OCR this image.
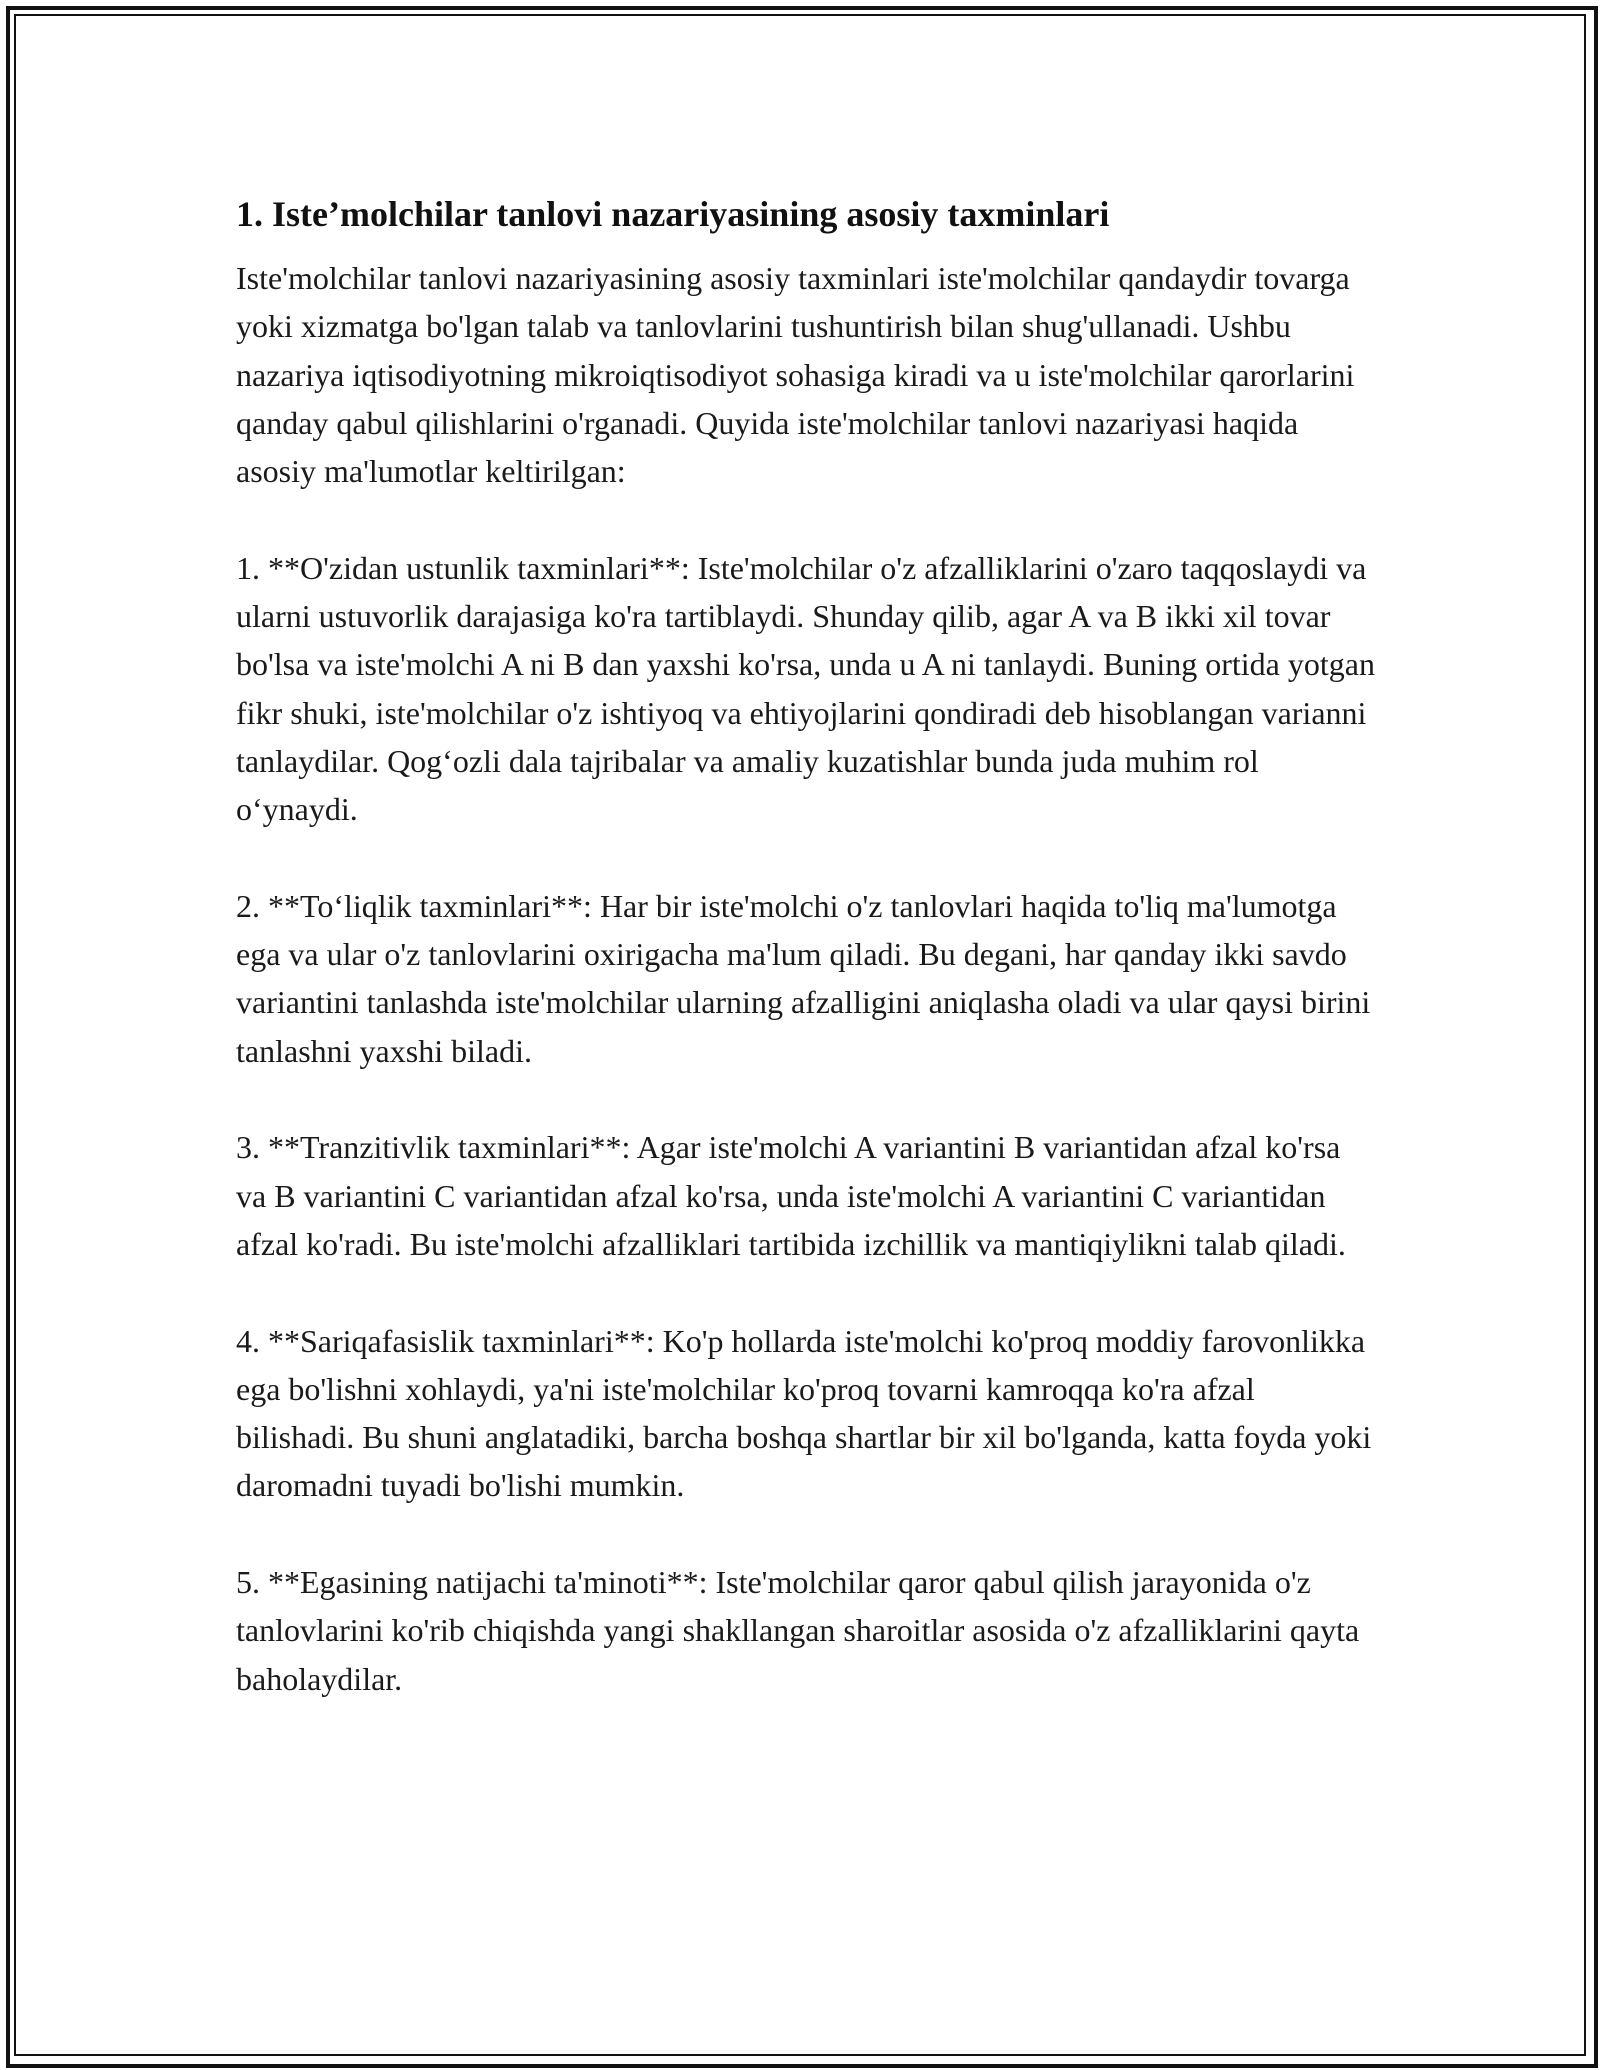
1. Iste’molchilar tanlovi nazariyasining asosiy taxminlari

Iste'molchilar tanlovi nazariyasining asosiy taxminlari iste'molchilar qandaydir tovarga yoki xizmatga bo'lgan talab va tanlovlarini tushuntirish bilan shug'ullanadi. Ushbu nazariya iqtisodiyotning mikroiqtisodiyot sohasiga kiradi va u iste'molchilar qarorlarini qanday qabul qilishlarini o'rganadi. Quyida iste'molchilar tanlovi nazariyasi haqida asosiy ma'lumotlar keltirilgan:

1. **O'zidan ustunlik taxminlari**: Iste'molchilar o'z afzalliklarini o'zaro taqqoslaydi va ularni ustuvorlik darajasiga ko'ra tartiblaydi. Shunday qilib, agar A va B ikki xil tovar bo'lsa va iste'molchi A ni B dan yaxshi ko'rsa, unda u A ni tanlaydi. Buning ortida yotgan fikr shuki, iste'molchilar o'z ishtiyoq va ehtiyojlarini qondiradi deb hisoblangan varianni tanlaydilar. Qog‘ozli dala tajribalar va amaliy kuzatishlar bunda juda muhim rol o‘ynaydi.

2. **To‘liqlik taxminlari**: Har bir iste'molchi o'z tanlovlari haqida to'liq ma'lumotga ega va ular o'z tanlovlarini oxirigacha ma'lum qiladi. Bu degani, har qanday ikki savdo variantini tanlashda iste'molchilar ularning afzalligini aniqlasha oladi va ular qaysi birini tanlashni yaxshi biladi.

3. **Tranzitivlik taxminlari**: Agar iste'molchi A variantini B variantidan afzal ko'rsa va B variantini C variantidan afzal ko'rsa, unda iste'molchi A variantini C variantidan afzal ko'radi. Bu iste'molchi afzalliklari tartibida izchillik va mantiqiylikni talab qiladi.

4. **Sariqafasislik taxminlari**: Ko'p hollarda iste'molchi ko'proq moddiy farovonlikka ega bo'lishni xohlaydi, ya'ni iste'molchilar ko'proq tovarni kamroqqa ko'ra afzal bilishadi. Bu shuni anglatadiki, barcha boshqa shartlar bir xil bo'lganda, katta foyda yoki daromadni tuyadi bo'lishi mumkin.

5. **Egasining natijachi ta'minoti**: Iste'molchilar qaror qabul qilish jarayonida o'z tanlovlarini ko'rib chiqishda yangi shakllangan sharoitlar asosida o'z afzalliklarini qayta baholaydilar.
